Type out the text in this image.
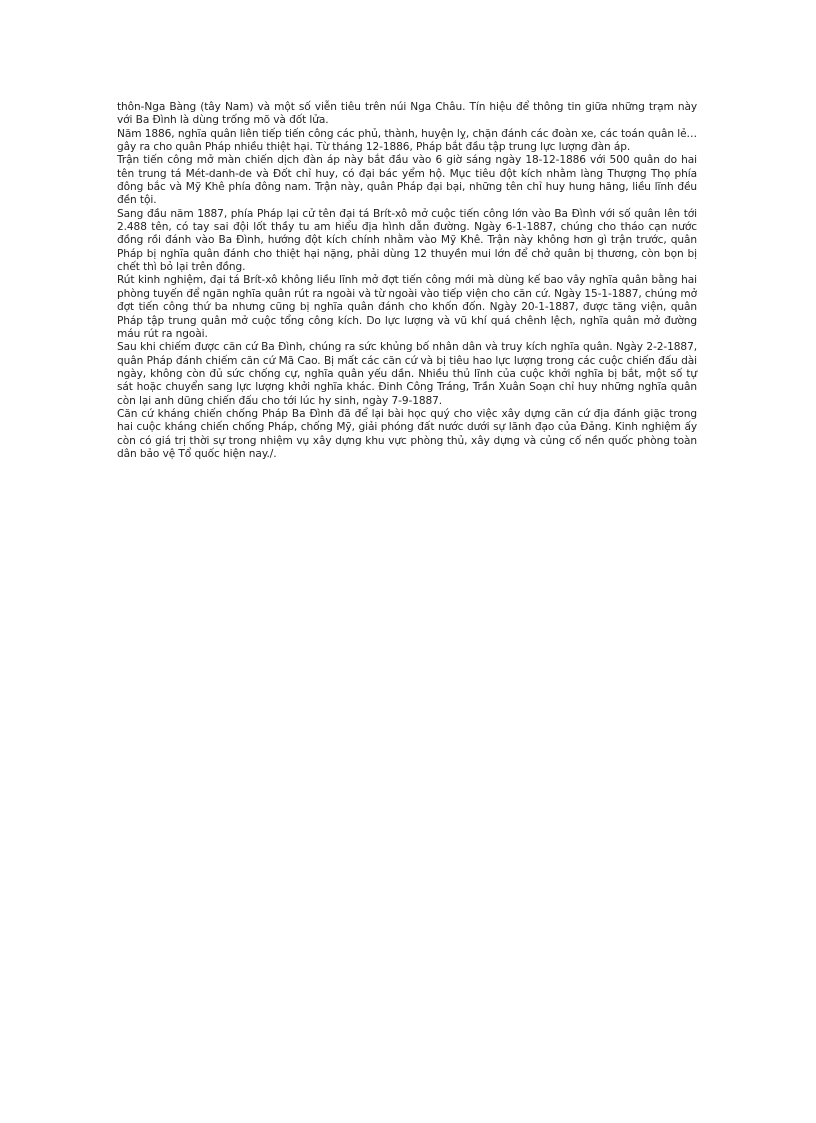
thôn-Nga Bàng (tây Nam) và một số viễn tiêu trên núi Nga Châu. Tín hiệu để thông tin giữa những trạm này với Ba Đình là dùng trống mõ và đốt lửa.

Năm 1886, nghĩa quân liên tiếp tiến công các phủ, thành, huyện lỵ, chặn đánh các đoàn xe, các toán quân lẻ… gây ra cho quân Pháp nhiều thiệt hại. Từ tháng 12-1886, Pháp bắt đầu tập trung lực lượng đàn áp.

Trận tiến công mở màn chiến dịch đàn áp này bắt đầu vào 6 giờ sáng ngày 18-12-1886 với 500 quân do hai tên trung tá Mét-danh-de và Đốt chỉ huy, có đại bác yểm hộ. Mục tiêu đột kích nhằm làng Thượng Thọ phía đông bắc và Mỹ Khê phía đông nam. Trận này, quân Pháp đại bại, những tên chỉ huy hung hăng, liều lĩnh đều đền tội.

Sang đầu năm 1887, phía Pháp lại cử tên đại tá Brít-xô mở cuộc tiến công lớn vào Ba Đình với số quân lên tới 2.488 tên, có tay sai đội lốt thầy tu am hiểu địa hình dẫn đường. Ngày 6-1-1887, chúng cho tháo cạn nước đồng rồi đánh vào Ba Đình, hướng đột kích chính nhằm vào Mỹ Khê. Trận này không hơn gì trận trước, quân Pháp bị nghĩa quân đánh cho thiệt hại nặng, phải dùng 12 thuyền mui lớn để chở quân bị thương, còn bọn bị chết thì bỏ lại trên đồng.

Rút kinh nghiệm, đại tá Brít-xô không liều lĩnh mở đợt tiến công mới mà dùng kế bao vây nghĩa quân bằng hai phòng tuyến để ngăn nghĩa quân rút ra ngoài và từ ngoài vào tiếp viện cho căn cứ. Ngày 15-1-1887, chúng mở đợt tiến công thứ ba nhưng cũng bị nghĩa quân đánh cho khốn đốn. Ngày 20-1-1887, được tăng viện, quân Pháp tập trung quân mở cuộc tổng công kích. Do lực lượng và vũ khí quá chênh lệch, nghĩa quân mở đường máu rút ra ngoài.

Sau khi chiếm được căn cứ Ba Đình, chúng ra sức khủng bố nhân dân và truy kích nghĩa quân. Ngày 2-2-1887, quân Pháp đánh chiếm căn cứ Mã Cao. Bị mất các căn cứ và bị tiêu hao lực lượng trong các cuộc chiến đấu dài ngày, không còn đủ sức chống cự, nghĩa quân yếu dần. Nhiều thủ lĩnh của cuộc khởi nghĩa bị bắt, một số tự sát hoặc chuyển sang lực lượng khởi nghĩa khác. Đinh Công Tráng, Trần Xuân Soạn chỉ huy những nghĩa quân còn lại anh dũng chiến đấu cho tới lúc hy sinh, ngày 7-9-1887.

Căn cứ kháng chiến chống Pháp Ba Đình đã để lại bài học quý cho việc xây dựng căn cứ địa đánh giặc trong hai cuộc kháng chiến chống Pháp, chống Mỹ, giải phóng đất nước dưới sự lãnh đạo của Đảng. Kinh nghiệm ấy còn có giá trị thời sự trong nhiệm vụ xây dựng khu vực phòng thủ, xây dựng và củng cố nền quốc phòng toàn dân bảo vệ Tổ quốc hiện nay./.
